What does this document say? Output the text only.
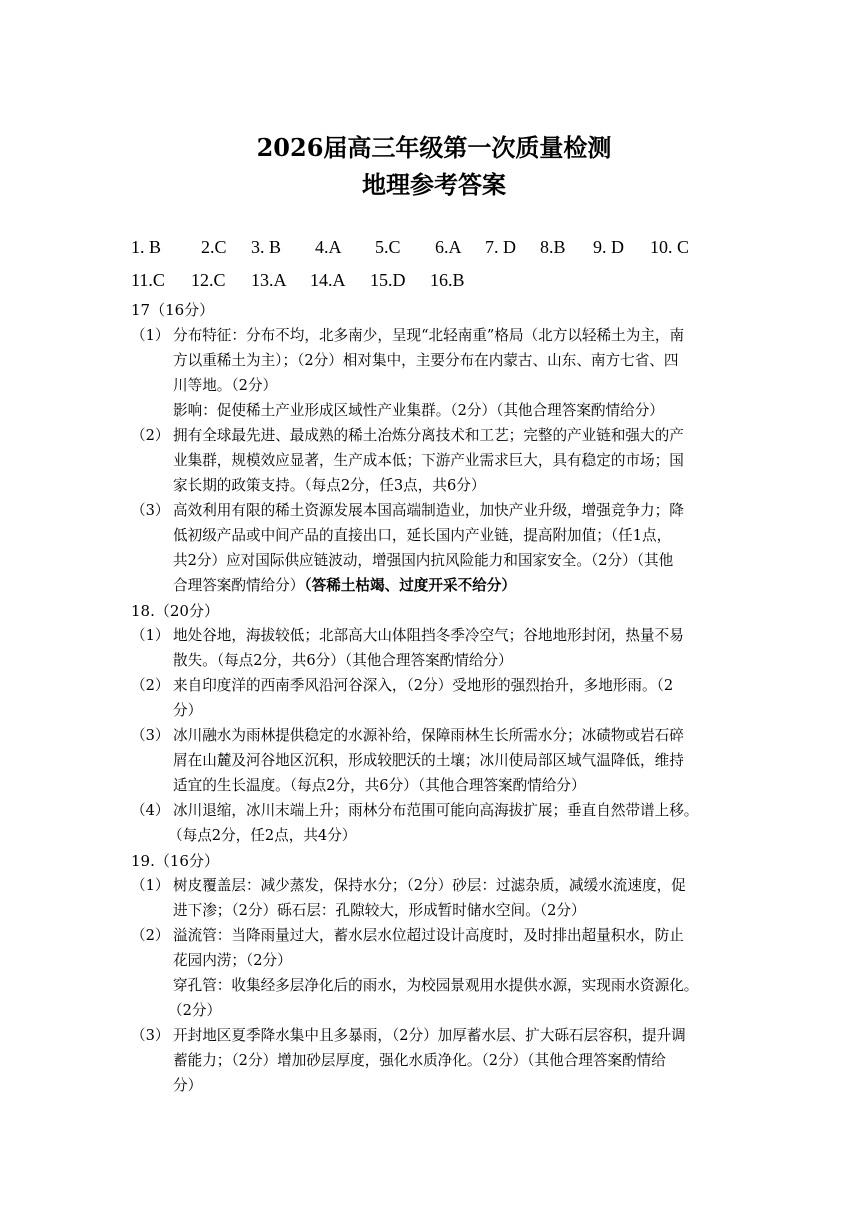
2026届高三年级第一次质量检测
地理参考答案
1. B 2.C 3. B 4.A 5.C 6.A 7. D 8.B 9. D 10. C
11.C 12.C 13.A 14.A 15.D 16.B
17（16分）
（1） 分布特征：分布不均，北多南少，呈现“北轻南重”格局（北方以轻稀土为主，南
方以重稀土为主）；（2分）相对集中，主要分布在内蒙古、山东、南方七省、四
川等地。（2分）
影响：促使稀土产业形成区域性产业集群。（2分）（其他合理答案酌情给分）
（2） 拥有全球最先进、最成熟的稀土冶炼分离技术和工艺；完整的产业链和强大的产
业集群，规模效应显著，生产成本低；下游产业需求巨大，具有稳定的市场；国
家长期的政策支持。（每点2分，任3点，共6分）
（3） 高效利用有限的稀土资源发展本国高端制造业，加快产业升级，增强竞争力；降
低初级产品或中间产品的直接出口，延长国内产业链，提高附加值；（任1点，
共2分）应对国际供应链波动，增强国内抗风险能力和国家安全。（2分）（其他
合理答案酌情给分）（答稀土枯竭、过度开采不给分）
18.（20分）
（1） 地处谷地，海拔较低；北部高大山体阻挡冬季冷空气；谷地地形封闭，热量不易
散失。（每点2分，共6分）（其他合理答案酌情给分）
（2） 来自印度洋的西南季风沿河谷深入，（2分）受地形的强烈抬升，多地形雨。（2
分）
（3） 冰川融水为雨林提供稳定的水源补给，保障雨林生长所需水分；冰碛物或岩石碎
屑在山麓及河谷地区沉积，形成较肥沃的土壤；冰川使局部区域气温降低，维持
适宜的生长温度。（每点2分，共6分）（其他合理答案酌情给分）
（4） 冰川退缩，冰川末端上升；雨林分布范围可能向高海拔扩展；垂直自然带谱上移。
（每点2分，任2点，共4分）
19.（16分）
（1） 树皮覆盖层：减少蒸发，保持水分；（2分）砂层：过滤杂质，减缓水流速度，促
进下渗；（2分）砾石层：孔隙较大，形成暂时储水空间。（2分）
（2） 溢流管：当降雨量过大，蓄水层水位超过设计高度时，及时排出超量积水，防止
花园内涝；（2分）
穿孔管：收集经多层净化后的雨水，为校园景观用水提供水源，实现雨水资源化。
（2分）
（3） 开封地区夏季降水集中且多暴雨，（2分）加厚蓄水层、扩大砾石层容积，提升调
蓄能力；（2分）增加砂层厚度，强化水质净化。（2分）（其他合理答案酌情给
分）
